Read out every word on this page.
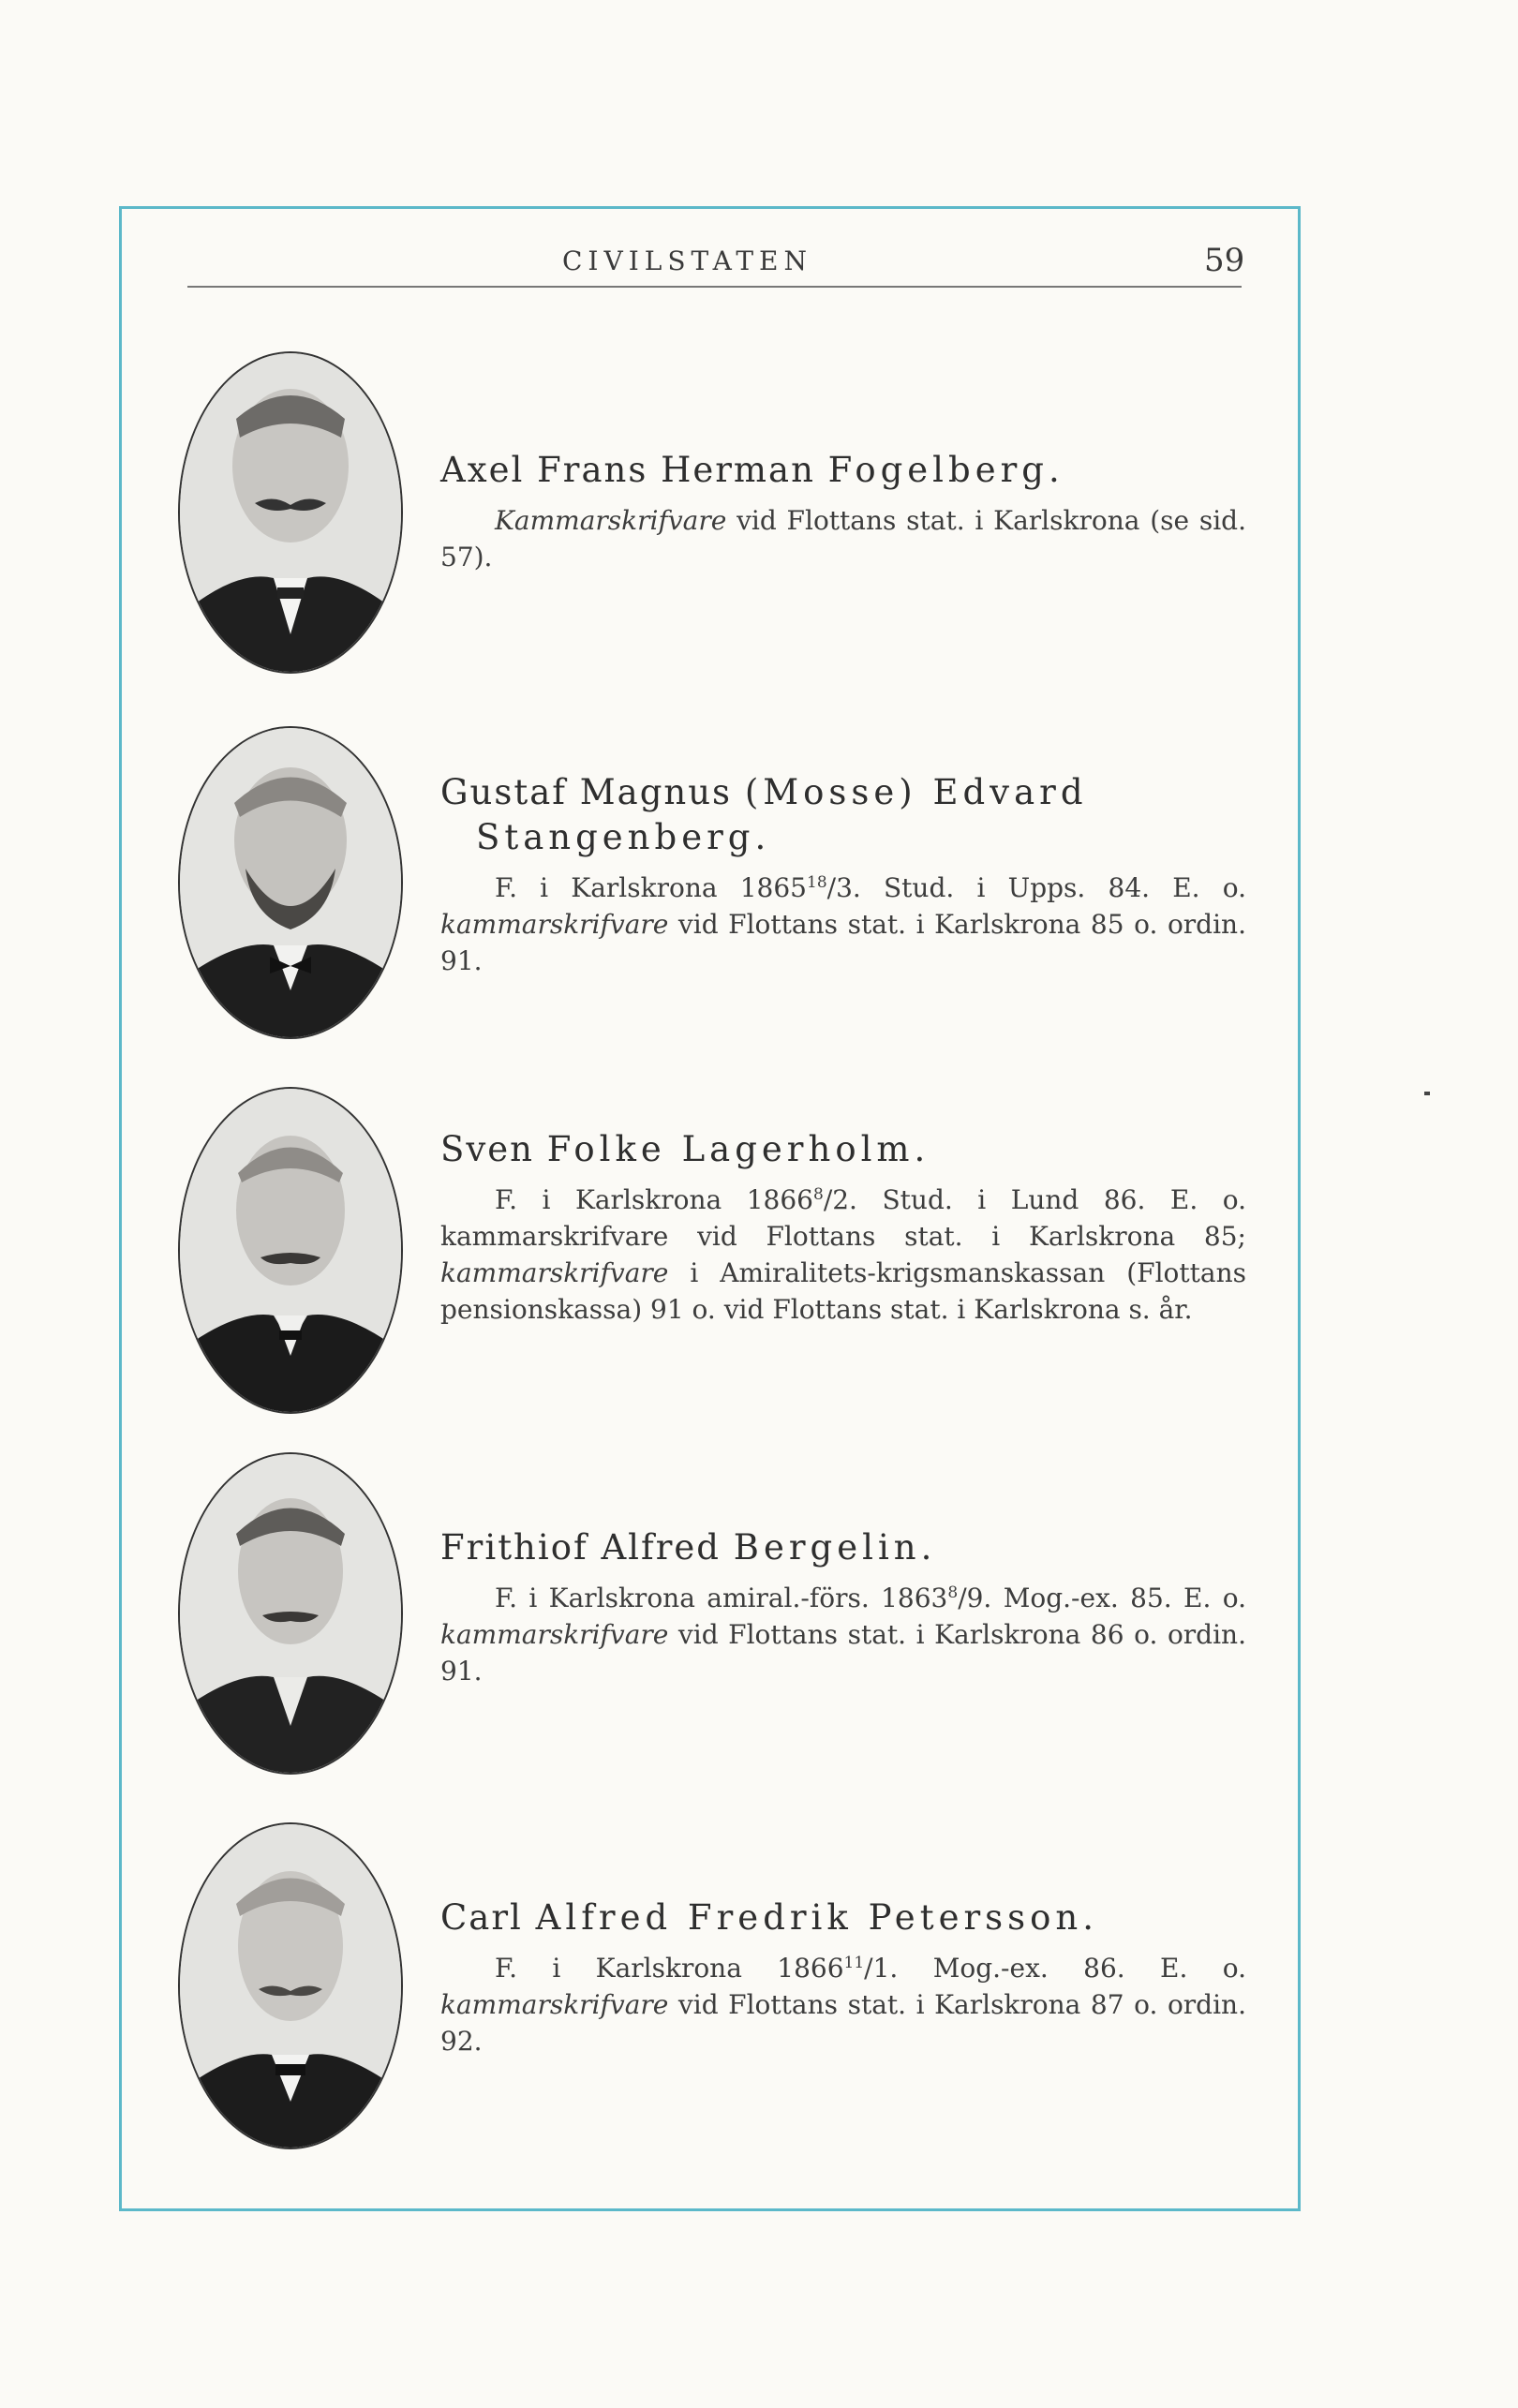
CIVILSTATEN	59

Axel Frans Herman Fogelberg.

Kammarskrifvare vid Flottans stat. i Karlskrona (se sid. 57).

Gustaf Magnus (Mosse) Edvard Stangenberg.

F. i Karlskrona 1865$^{18}$/3. Stud. i Upps. 84. E. o. kammarskrifvare vid Flottans stat. i Karlskrona 85 o. ordin. 91.

Sven Folke Lagerholm.

F. i Karlskrona 1866$^8$/2. Stud. i Lund 86. E. o. kammarskrifvare vid Flottans stat. i Karlskrona 85; kammarskrifvare i Amiralitets-krigsmanskassan (Flottans pensionskassa) 91 o. vid Flottans stat. i Karlskrona s. år.

Frithiof Alfred Bergelin.

F. i Karlskrona amiral.-förs. 1863$^8$/9. Mog.-ex. 85. E. o. kammarskrifvare vid Flottans stat. i Karlskrona 86 o. ordin. 91.

Carl Alfred Fredrik Petersson.

F. i Karlskrona 1866$^{11}$/1. Mog.-ex. 86. E. o. kammarskrifvare vid Flottans stat. i Karlskrona 87 o. ordin. 92.
